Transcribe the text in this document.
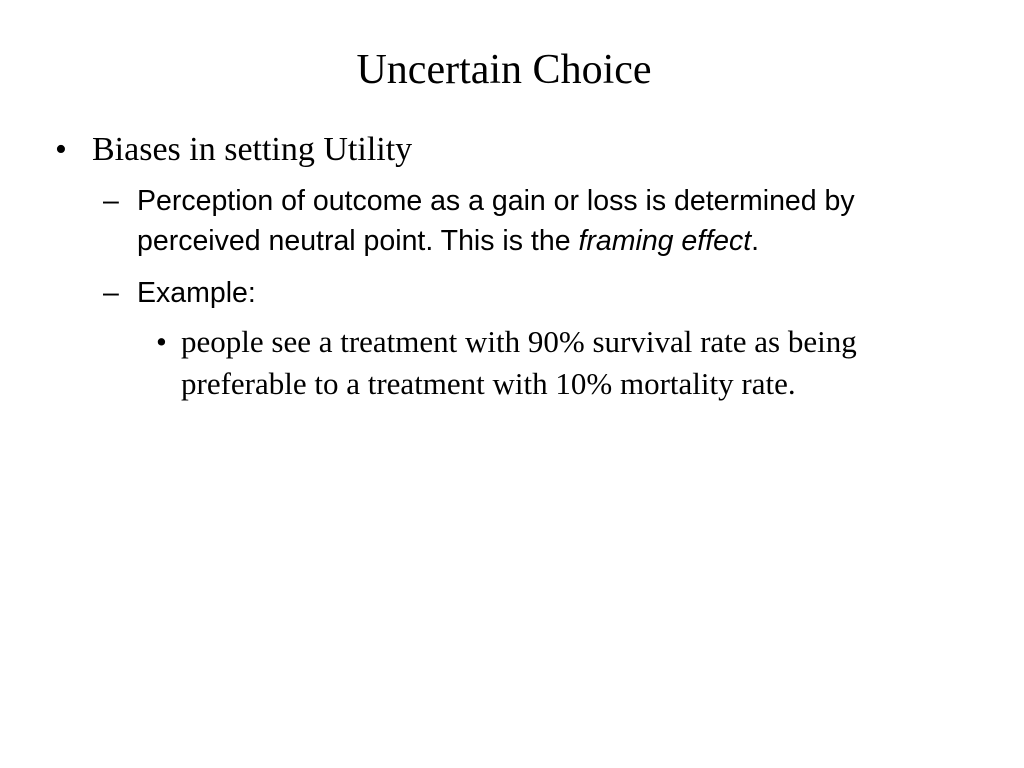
Uncertain Choice
• Biases in setting Utility
– Perception of outcome as a gain or loss is determined by perceived neutral point. This is the framing effect.
– Example:
• people see a treatment with 90% survival rate as being preferable to a treatment with 10% mortality rate.
